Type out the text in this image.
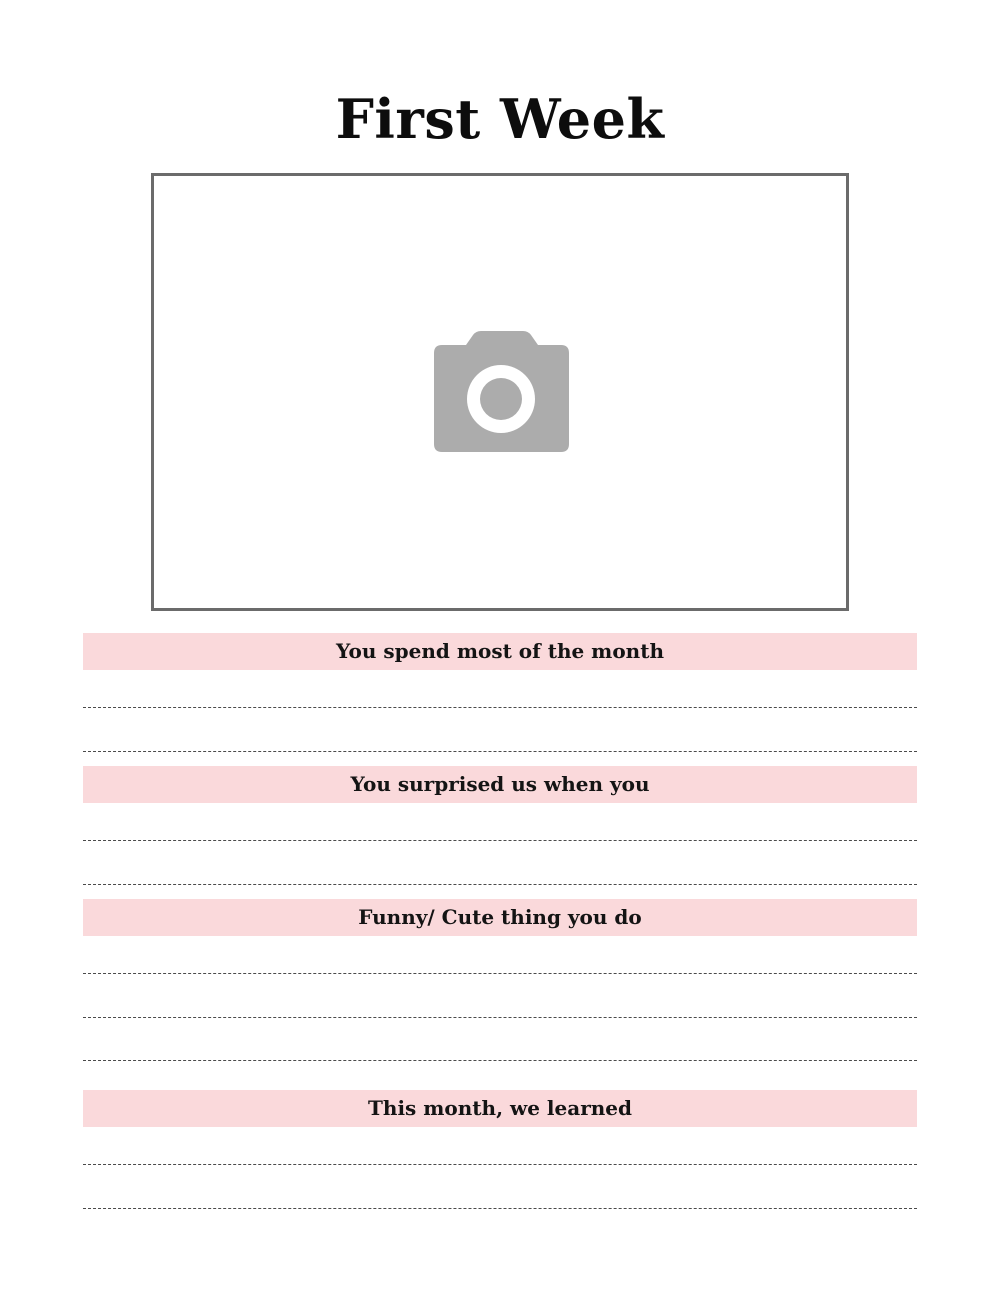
First Week
You spend most of the month
You surprised us when you
Funny/ Cute thing you do
This month, we learned
